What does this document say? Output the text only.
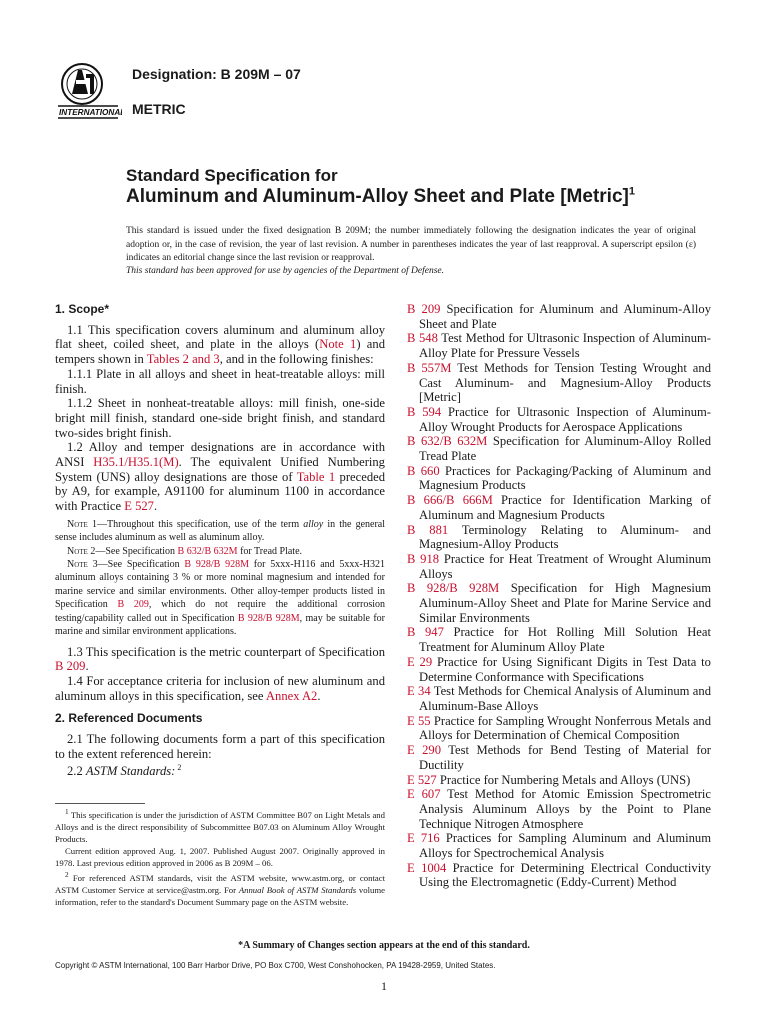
INTERNATIONAL
Designation: B 209M – 07
METRIC
Standard Specification for
Aluminum and Aluminum-Alloy Sheet and Plate [Metric]$^1$
This standard is issued under the fixed designation B 209M; the number immediately following the designation indicates the year of original adoption or, in the case of revision, the year of last revision. A number in parentheses indicates the year of last reapproval. A superscript epsilon (ε) indicates an editorial change since the last revision or reapproval.
This standard has been approved for use by agencies of the Department of Defense.
1. Scope*

1.1 This specification covers aluminum and aluminum alloy flat sheet, coiled sheet, and plate in the alloys (Note 1) and tempers shown in Tables 2 and 3, and in the following finishes:

1.1.1 Plate in all alloys and sheet in heat-treatable alloys: mill finish.

1.1.2 Sheet in nonheat-treatable alloys: mill finish, one-side bright mill finish, standard one-side bright finish, and standard two-sides bright finish.

1.2 Alloy and temper designations are in accordance with ANSI H35.1/H35.1(M). The equivalent Unified Numbering System (UNS) alloy designations are those of Table 1 preceded by A9, for example, A91100 for aluminum 1100 in accordance with Practice E 527.

Note 1—Throughout this specification, use of the term alloy in the general sense includes aluminum as well as aluminum alloy.

Note 2—See Specification B 632/B 632M for Tread Plate.

Note 3—See Specification B 928/B 928M for 5xxx-H116 and 5xxx-H321 aluminum alloys containing 3 % or more nominal magnesium and intended for marine service and similar environments. Other alloy-temper products listed in Specification B 209, which do not require the additional corrosion testing/capability called out in Specification B 928/B 928M, may be suitable for marine and similar environment applications.

1.3 This specification is the metric counterpart of Specification B 209.

1.4 For acceptance criteria for inclusion of new aluminum and aluminum alloys in this specification, see Annex A2.

2. Referenced Documents

2.1 The following documents form a part of this specification to the extent referenced herein:

2.2 ASTM Standards: $^2$

B 209 Specification for Aluminum and Aluminum-Alloy Sheet and Plate
B 548 Test Method for Ultrasonic Inspection of Aluminum-Alloy Plate for Pressure Vessels
B 557M Test Methods for Tension Testing Wrought and Cast Aluminum- and Magnesium-Alloy Products [Metric]
B 594 Practice for Ultrasonic Inspection of Aluminum-Alloy Wrought Products for Aerospace Applications
B 632/B 632M Specification for Aluminum-Alloy Rolled Tread Plate
B 660 Practices for Packaging/Packing of Aluminum and Magnesium Products
B 666/B 666M Practice for Identification Marking of Aluminum and Magnesium Products
B 881 Terminology Relating to Aluminum- and Magnesium-Alloy Products
B 918 Practice for Heat Treatment of Wrought Aluminum Alloys
B 928/B 928M Specification for High Magnesium Aluminum-Alloy Sheet and Plate for Marine Service and Similar Environments
B 947 Practice for Hot Rolling Mill Solution Heat Treatment for Aluminum Alloy Plate
E 29 Practice for Using Significant Digits in Test Data to Determine Conformance with Specifications
E 34 Test Methods for Chemical Analysis of Aluminum and Aluminum-Base Alloys
E 55 Practice for Sampling Wrought Nonferrous Metals and Alloys for Determination of Chemical Composition
E 290 Test Methods for Bend Testing of Material for Ductility
E 527 Practice for Numbering Metals and Alloys (UNS)
E 607 Test Method for Atomic Emission Spectrometric Analysis Aluminum Alloys by the Point to Plane Technique Nitrogen Atmosphere
E 716 Practices for Sampling Aluminum and Aluminum Alloys for Spectrochemical Analysis
E 1004 Practice for Determining Electrical Conductivity Using the Electromagnetic (Eddy-Current) Method

$^1$ This specification is under the jurisdiction of ASTM Committee B07 on Light Metals and Alloys and is the direct responsibility of Subcommittee B07.03 on Aluminum Alloy Wrought Products.

Current edition approved Aug. 1, 2007. Published August 2007. Originally approved in 1978. Last previous edition approved in 2006 as B 209M – 06.

$^2$ For referenced ASTM standards, visit the ASTM website, www.astm.org, or contact ASTM Customer Service at service@astm.org. For Annual Book of ASTM Standards volume information, refer to the standard's Document Summary page on the ASTM website.

*A Summary of Changes section appears at the end of this standard.
Copyright © ASTM International, 100 Barr Harbor Drive, PO Box C700, West Conshohocken, PA 19428-2959, United States.
1
